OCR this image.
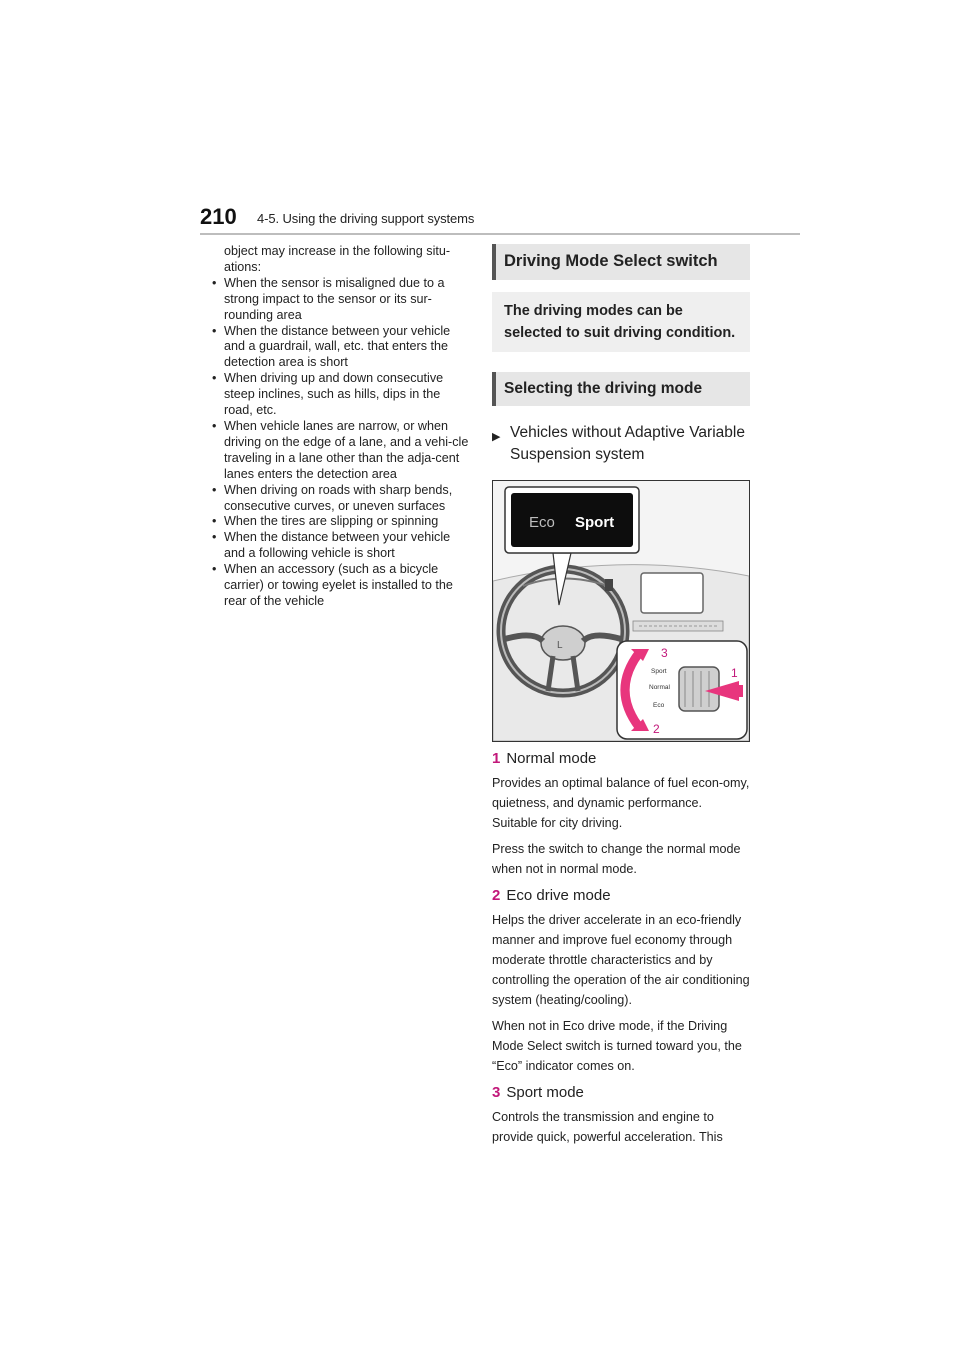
210 4-5. Using the driving support systems

object may increase in the following situ-ations:

• When the sensor is misaligned due to a strong impact to the sensor or its sur-rounding area
• When the distance between your vehicle and a guardrail, wall, etc. that enters the detection area is short
• When driving up and down consecutive steep inclines, such as hills, dips in the road, etc.
• When vehicle lanes are narrow, or when driving on the edge of a lane, and a vehi-cle traveling in a lane other than the adja-cent lanes enters the detection area
• When driving on roads with sharp bends, consecutive curves, or uneven surfaces
• When the tires are slipping or spinning
• When the distance between your vehicle and a following vehicle is short
• When an accessory (such as a bicycle carrier) or towing eyelet is installed to the rear of the vehicle
Driving Mode Select switch
The driving modes can be selected to suit driving condition.
Selecting the driving mode
▶ Vehicles without Adaptive Variable Suspension system
L
Eco Sport
Sport
Normal
Eco
3
1
2
1 Normal mode

Provides an optimal balance of fuel econ-omy, quietness, and dynamic performance. Suitable for city driving.

Press the switch to change the normal mode when not in normal mode.

2 Eco drive mode

Helps the driver accelerate in an eco-friendly manner and improve fuel economy through moderate throttle characteristics and by controlling the operation of the air conditioning system (heating/cooling).

When not in Eco drive mode, if the Driving Mode Select switch is turned toward you, the “Eco” indicator comes on.

3 Sport mode

Controls the transmission and engine to provide quick, powerful acceleration. This
